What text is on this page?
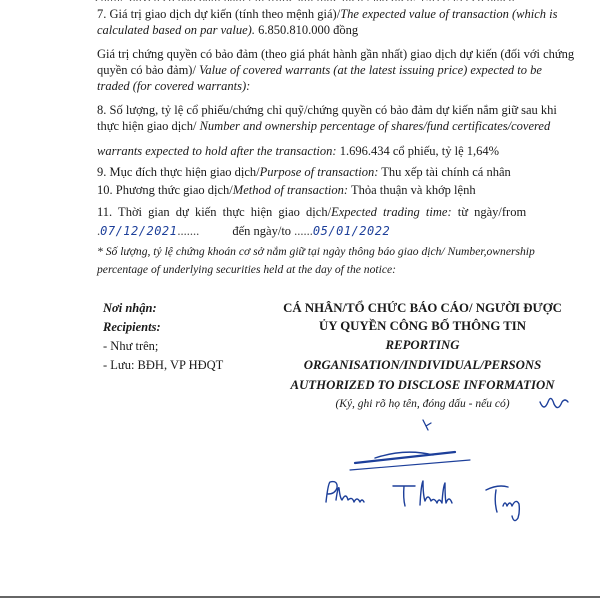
7. Giá trị giao dịch dự kiến (tính theo mệnh giá)/The expected value of transaction (which is
calculated based on par value). 6.850.810.000 đồng
Giá trị chứng quyền có bảo đảm (theo giá phát hành gần nhất) giao dịch dự kiến (đối với chứng
quyền có bảo đảm)/ Value of covered warrants (at the latest issuing price) expected to be
traded (for covered warrants):
8. Số lượng, tỷ lệ cổ phiếu/chứng chỉ quỹ/chứng quyền có bảo đảm dự kiến nắm giữ sau khi
thực hiện giao dịch/ Number and ownership percentage of shares/fund certificates/covered
warrants expected to hold after the transaction: 1.696.434 cổ phiếu, tỷ lệ 1,64%
9. Mục đích thực hiện giao dịch/Purpose of transaction: Thu xếp tài chính cá nhân
10. Phương thức giao dịch/Method of transaction: Thỏa thuận và khớp lệnh
11. Thời gian dự kiến thực hiện giao dịch/Expected trading time: từ ngày/from
.07/12/2021.......	đến ngày/to ......05/01/2022
* Số lượng, tỷ lệ chứng khoán cơ sở nắm giữ tại ngày thông báo giao dịch/ Number,ownership
percentage of underlying securities held at the day of the notice:
Nơi nhận:
Recipients:
- Như trên;
- Lưu: BĐH, VP HĐQT
CÁ NHÂN/TỔ CHỨC BÁO CÁO/ NGƯỜI ĐƯỢC
ỦY QUYỀN CÔNG BỐ THÔNG TIN
REPORTING
ORGANISATION/INDIVIDUAL/PERSONS
AUTHORIZED TO DISCLOSE INFORMATION
(Ký, ghi rõ họ tên, đóng dấu - nếu có)
